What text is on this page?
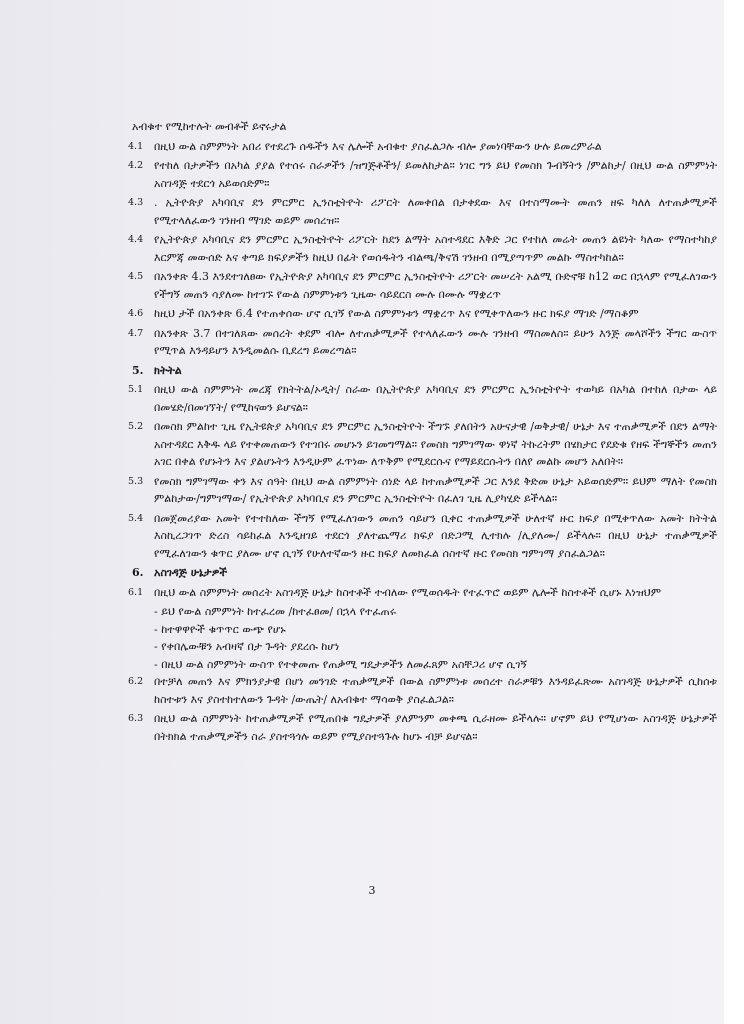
አብቁተ የሚከተሉት መብቶች ይኖሩታል
4.1 በዚህ ውል ስምምነት አበሪ የተደረጉ ሰዱችን እና ሌሎች አብቁተ ያስፈልጋሉ ብሎ ያመነባቸውን ሁሉ ይመረምራል
4.2 የተከለ በታዎችን በአካል ያያል የተሰሩ ስራዎችን /ዝግጅቶችን/ ይመለከታል። ነገር ግን ይህ የመስክ ጉብኝትን /ምልከታ/ በዚህ ውል ስምምነት አስገዳጅ ተደርጎ አይወሰድም።
4.3 . ኢትዮጵያ አካባቢና ደን ምርምር ኢንስቲትዮት ሪፖርት ለመቀበል በታቀደው እና በተስማሙት መጠን ዘፍ ካለለ ለተጠቃሚዎች የሚተላለፈውን ገንዘብ ማገድ ወይም መሰረዝ።
4.4 የኢትዮጵያ አካባቢና ደን ምርምር ኢንስቲትዮት ሪፖርት ከደን ልማት አስተዳደር እቅድ ጋር የተከለ መሬት መጠን ልዩነት ካለው የማስተካከያ እርምጃ መውሰድ እና ቀጣይ ክፍያዎችን ከዚህ በፊት የወሰዱትን ብልጫ/ቅናሽ ገንዘብ በሚያጣጥም መልኩ ማስተካከል።
4.5 በአንቀጽ 4.3 እንደተገለፀው የኢትዮጵያ አካባቢና ደን ምርምር ኢንስቲትዮት ሪፖርት መሠረት አልሚ ቡድኖቹ ከ12 ወር በኋላም የሚፈለገውን የችግኝ መጠን ሳያለሙ ከተገኙ የውል ስምምነቱን ጊዜው ሳይደርስ ሙሉ በሙሉ ማቋረጥ
4.6 ከዚህ ታች በአንቀጽ 6.4 የተጠቀሰው ሆኖ ሲገኝ የውል ስምምነቱን ማቋረጥ እና የሚቀጥለውን ዙር ክፍያ ማገድ /ማስቆም
4.7 በአንቀጽ 3.7 በተገለጸው መሰረት ቀደም ብሎ ለተጠቃሚዎች የተላለፈውን ሙሉ ገንዘብ ማስመለስ። ይሁን እንጅ መላሾችን ችግር ውስጥ የሚጥል እንዳይሆን እንዲመልሱ ቢደረግ ይመረጣል።
5. ክትትል
5.1 በዚህ ውል ስምምነት መረጃ የክትትል/ኦዲት/ ስራው በኢትዮጵያ አካባቢና ደን ምርምር ኢንስቲትዮት ተወካይ በአካል በተከለ በታው ላይ በመሄድ/በመገኘት/ የሚከናወን ይሆናል።
5.2 በመስክ ምልከተ ጊዜ የኢትዩጵያ አካባቢና ደን ምርምር ኢንስቲትዮት ችግኙ ያለበትን አሁናታዊ /ወቅታዊ/ ሁኔታ እና ተጠቃሚዎች በደን ልማት አስተዳደር እቅዱ ላይ የተቀመጠውን የተገበሩ መሆኑን ይገመግማል። የመስክ ግምገማው ዋነኛ ትኩረትም በሄክታር የደድቁ የዘፍ ችግኞችን መጠን አገር በቀል የሆኑትን እና ያልሆኑትን እንዲሁም ፈጥነው ለጥቅም የሚደርሱና የማይደርሱትን በለየ መልኩ መሆን አለበት።
5.3 የመስክ ግምገማው ቀን እና ሰዓት በዚህ ውል ስምምነት ሰነድ ላይ ከተጠቃሚዎች ጋር እንደ ቅድመ ሁኔታ አይወሰድም። ይህም ማለት የመስክ ምልከታው/ግምገማው/ የኢትዮጵያ አካባቢና ደን ምርምር ኢንስቲትዮት በፈለገ ጊዜ ሊያካሂድ ይችላል።
5.4 በመጀመሪያው አመት የተተከለው ችግኝ የሚፈለገውን መጠን ሳይሆን ቢቀር ተጠቃሚዎች ሁለተኛ ዙር ክፍያ በሚቀጥለው አመት ክትትል እስኪረጋገጥ ድረስ ሳይከፈል እንዲዘገይ ተደርጎ ያለተጨማሪ ክፍያ በድጋሚ ሊተክሉ /ሊያለሙ/ ይችላሉ። በዚህ ሁኔታ ተጠቃሚዎች የሚፈለገውን ቁጥር ያለሙ ሆኖ ሲገኝ የሁለተኛውን ዙር ክፍያ ለመክፈል ሰስተኛ ዙር የመስክ ግምገማ ያስፈልጋል።
6. አስገዳጅ ሁኔታዎች
6.1 በዚህ ውል ስምምነት መሰረት አስገዳጅ ሁኔታ ከስተቶች ተብለው የሚወሰዱት የተፈጥሮ ወይም ሌሎች ከስተቶች ሲሆኑ እነዝህም
- ይህ የውል ስምምነት ከተፈረመ /ከተፈፀመ/ በኋላ የተፈጠሩ
- ከተዋዋዮች ቁጥጥር ውጭ የሆኑ
- የቀበሌውቹን አብዛኛ በታ ጉዳት ያደረሱ ከሆነ
- በዚህ ውል ስምምነት ውስጥ የተቀመጡ የጠቃሚ ግዴታዎችን ለመፈጸም አስቸጋሪ ሆኖ ሲገኝ
6.2 በተቻለ መጠን እና ምክንያታዊ በሆነ መንገድ ተጠቃሚዎች በውል ስምምነቱ መሰረተ ስራዎቹን እንዳይፈጽሙ አስገዳጅ ሁኔታዎች ሲከሰቱ ከስተቱን እና ያስተከተለውን ጉዳት /ውጤት/ ለአብቁተ ማሳወቅ ያስፈልጋል።
6.3 በዚህ ውል ስምምነት ከተጠቃሚዎች የሚጠበቁ ግዴታዎች ያለምንም መቀጫ ሲራዘሙ ይችላሉ። ሆኖም ይህ የሚሆነው አስገዳጅ ሁኔታዎች በትክክል ተጠቃሚዎችን ስራ ያስተጓጎሉ ወይም የሚያስተጓጉሉ ከሆኑ ብቻ ይሆናል።
3
